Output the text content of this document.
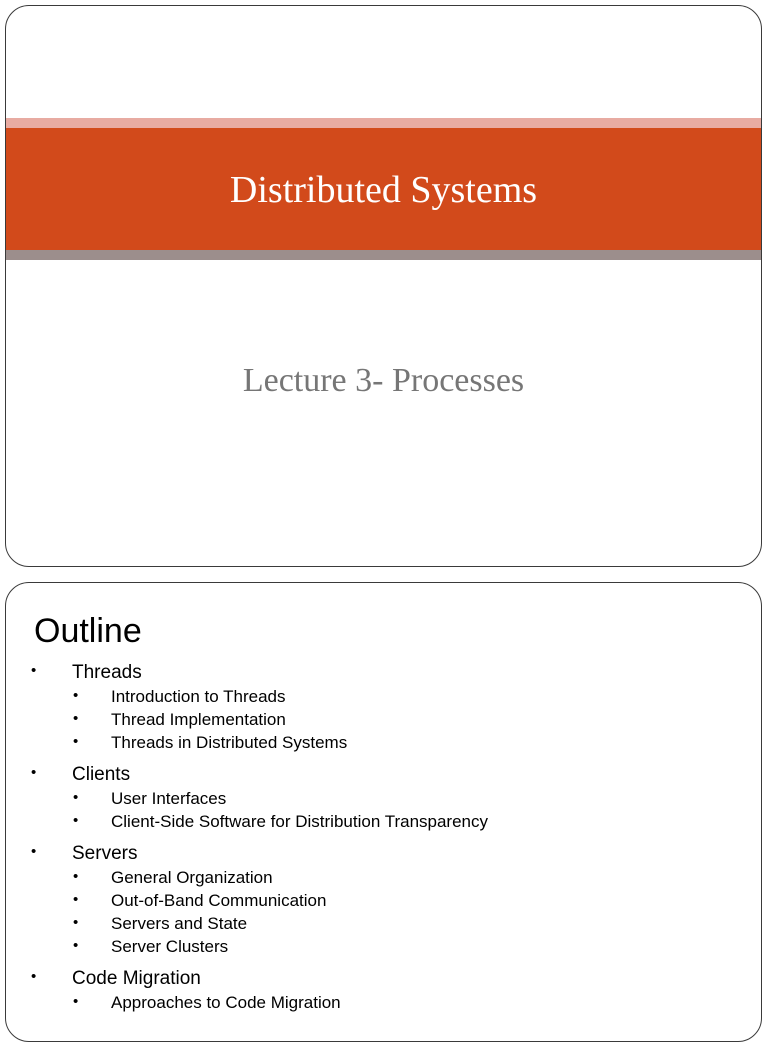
Distributed Systems
Lecture 3- Processes
Outline
•	Threads
•	Introduction to Threads
•	Thread Implementation
•	Threads in Distributed Systems
•	Clients
•	User Interfaces
•	Client-Side Software for Distribution Transparency
•	Servers
•	General Organization
•	Out-of-Band Communication
•	Servers and State
•	Server Clusters
•	Code Migration
•	Approaches to Code Migration
